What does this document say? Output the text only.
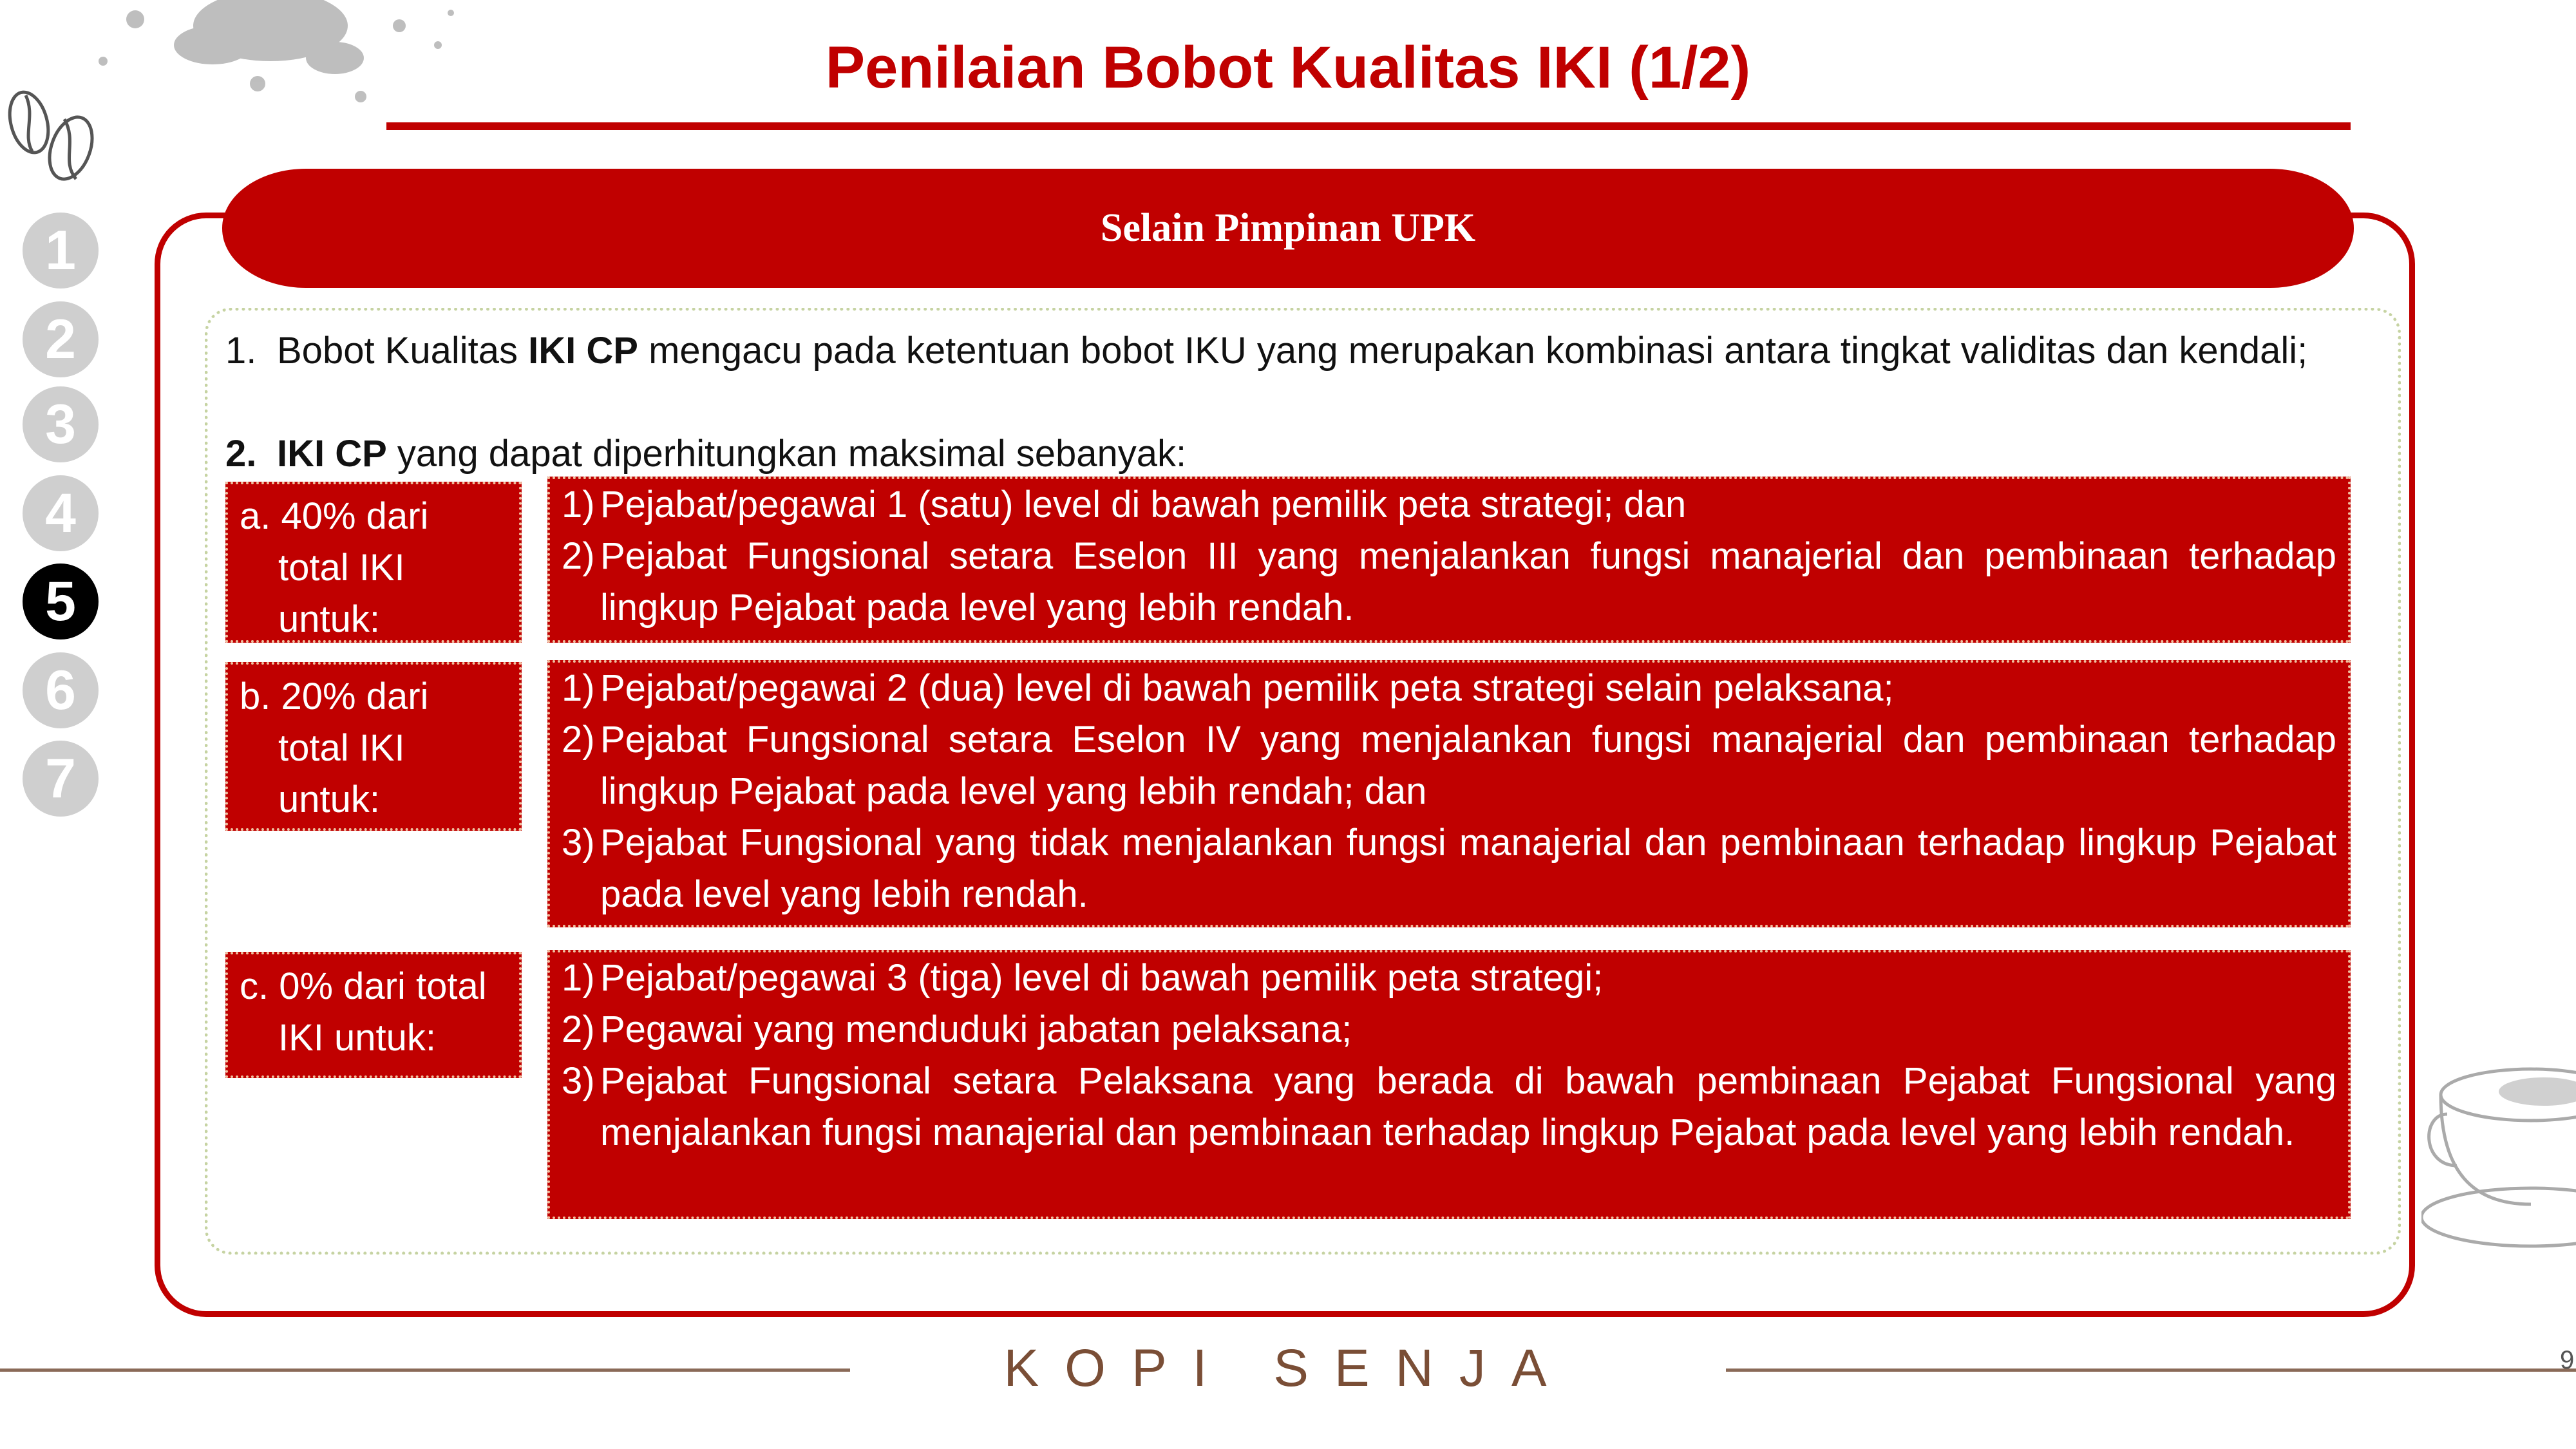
Penilaian Bobot Kualitas IKI (1/2)
1
2
3
4
5
6
7
Selain Pimpinan UPK
1. Bobot Kualitas IKI CP mengacu pada ketentuan bobot IKU yang merupakan kombinasi antara tingkat validitas dan kendali;
2. IKI CP yang dapat diperhitungkan maksimal sebanyak:
a. 40% dari total IKI untuk:
1) Pejabat/pegawai 1 (satu) level di bawah pemilik peta strategi; dan
2) Pejabat Fungsional setara Eselon III yang menjalankan fungsi manajerial dan pembinaan terhadap lingkup Pejabat pada level yang lebih rendah.
b. 20% dari total IKI untuk:
1) Pejabat/pegawai 2 (dua) level di bawah pemilik peta strategi selain pelaksana;
2) Pejabat Fungsional setara Eselon IV yang menjalankan fungsi manajerial dan pembinaan terhadap lingkup Pejabat pada level yang lebih rendah; dan
3) Pejabat Fungsional yang tidak menjalankan fungsi manajerial dan pembinaan terhadap lingkup Pejabat pada level yang lebih rendah.
c. 0% dari total IKI untuk:
1) Pejabat/pegawai 3 (tiga) level di bawah pemilik peta strategi;
2) Pegawai yang menduduki jabatan pelaksana;
3) Pejabat Fungsional setara Pelaksana yang berada di bawah pembinaan Pejabat Fungsional yang menjalankan fungsi manajerial dan pembinaan terhadap lingkup Pejabat pada level yang lebih rendah.
KOPI SENJA	9
